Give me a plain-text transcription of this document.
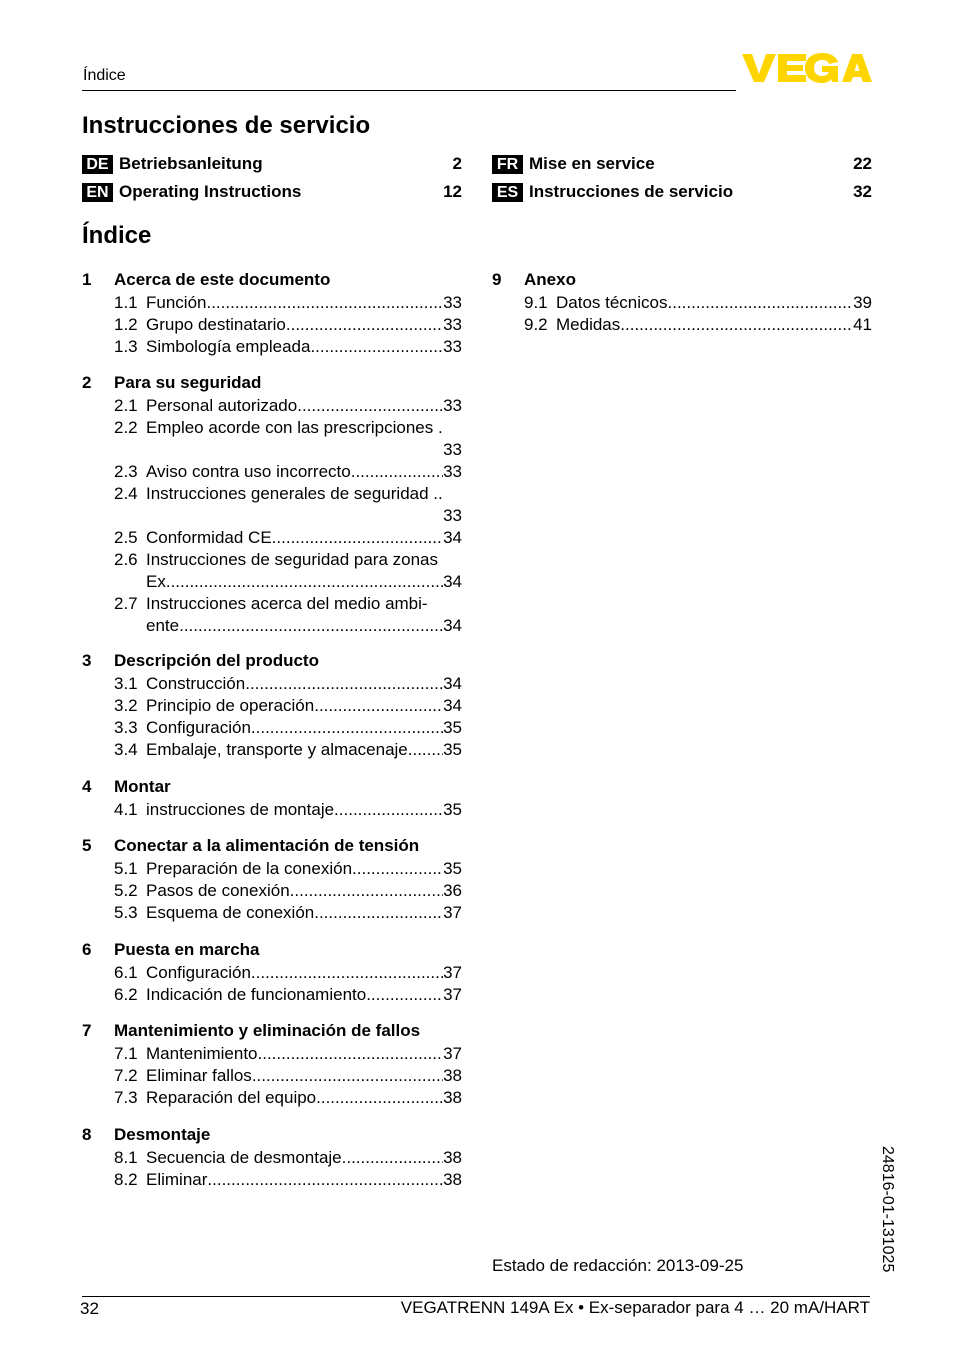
Índice
Instrucciones de servicio
DE Betriebsanleitung	2
EN Operating Instructions	12
FR Mise en service	22
ES Instrucciones de servicio	32
Índice
1 Acerca de este documento
1.1 Función .....	33
1.2 Grupo destinatario .....	33
1.3 Simbología empleada .....	33
2 Para su seguridad
2.1 Personal autorizado .....	33
2.2 Empleo acorde con las prescripciones .
33
2.3 Aviso contra uso incorrecto .....	33
2.4 Instrucciones generales de seguridad ..
33
2.5 Conformidad CE .....	34
2.6 Instrucciones de seguridad para zonas
Ex .....	34
2.7 Instrucciones acerca del medio ambi-
ente .....	34
3 Descripción del producto
3.1 Construcción .....	34
3.2 Principio de operación .....	34
3.3 Configuración .....	35
3.4 Embalaje, transporte y almacenaje ..... 35
4 Montar
4.1 instrucciones de montaje .....	35
5 Conectar a la alimentación de tensión
5.1 Preparación de la conexión .....	35
5.2 Pasos de conexión .....	36
5.3 Esquema de conexión .....	37
6 Puesta en marcha
6.1 Configuración .....	37
6.2 Indicación de funcionamiento .....	37
7 Mantenimiento y eliminación de fallos
7.1 Mantenimiento .....	37
7.2 Eliminar fallos .....	38
7.3 Reparación del equipo .....	38
8 Desmontaje
8.1 Secuencia de desmontaje .....	38
8.2 Eliminar .....	38
9 Anexo
9.1 Datos técnicos .....	39
9.2 Medidas .....	41
Estado de redacción: 2013-09-25	24816-01-131025
32	VEGATRENN 149A Ex • Ex-separador para 4 … 20 mA/HART
